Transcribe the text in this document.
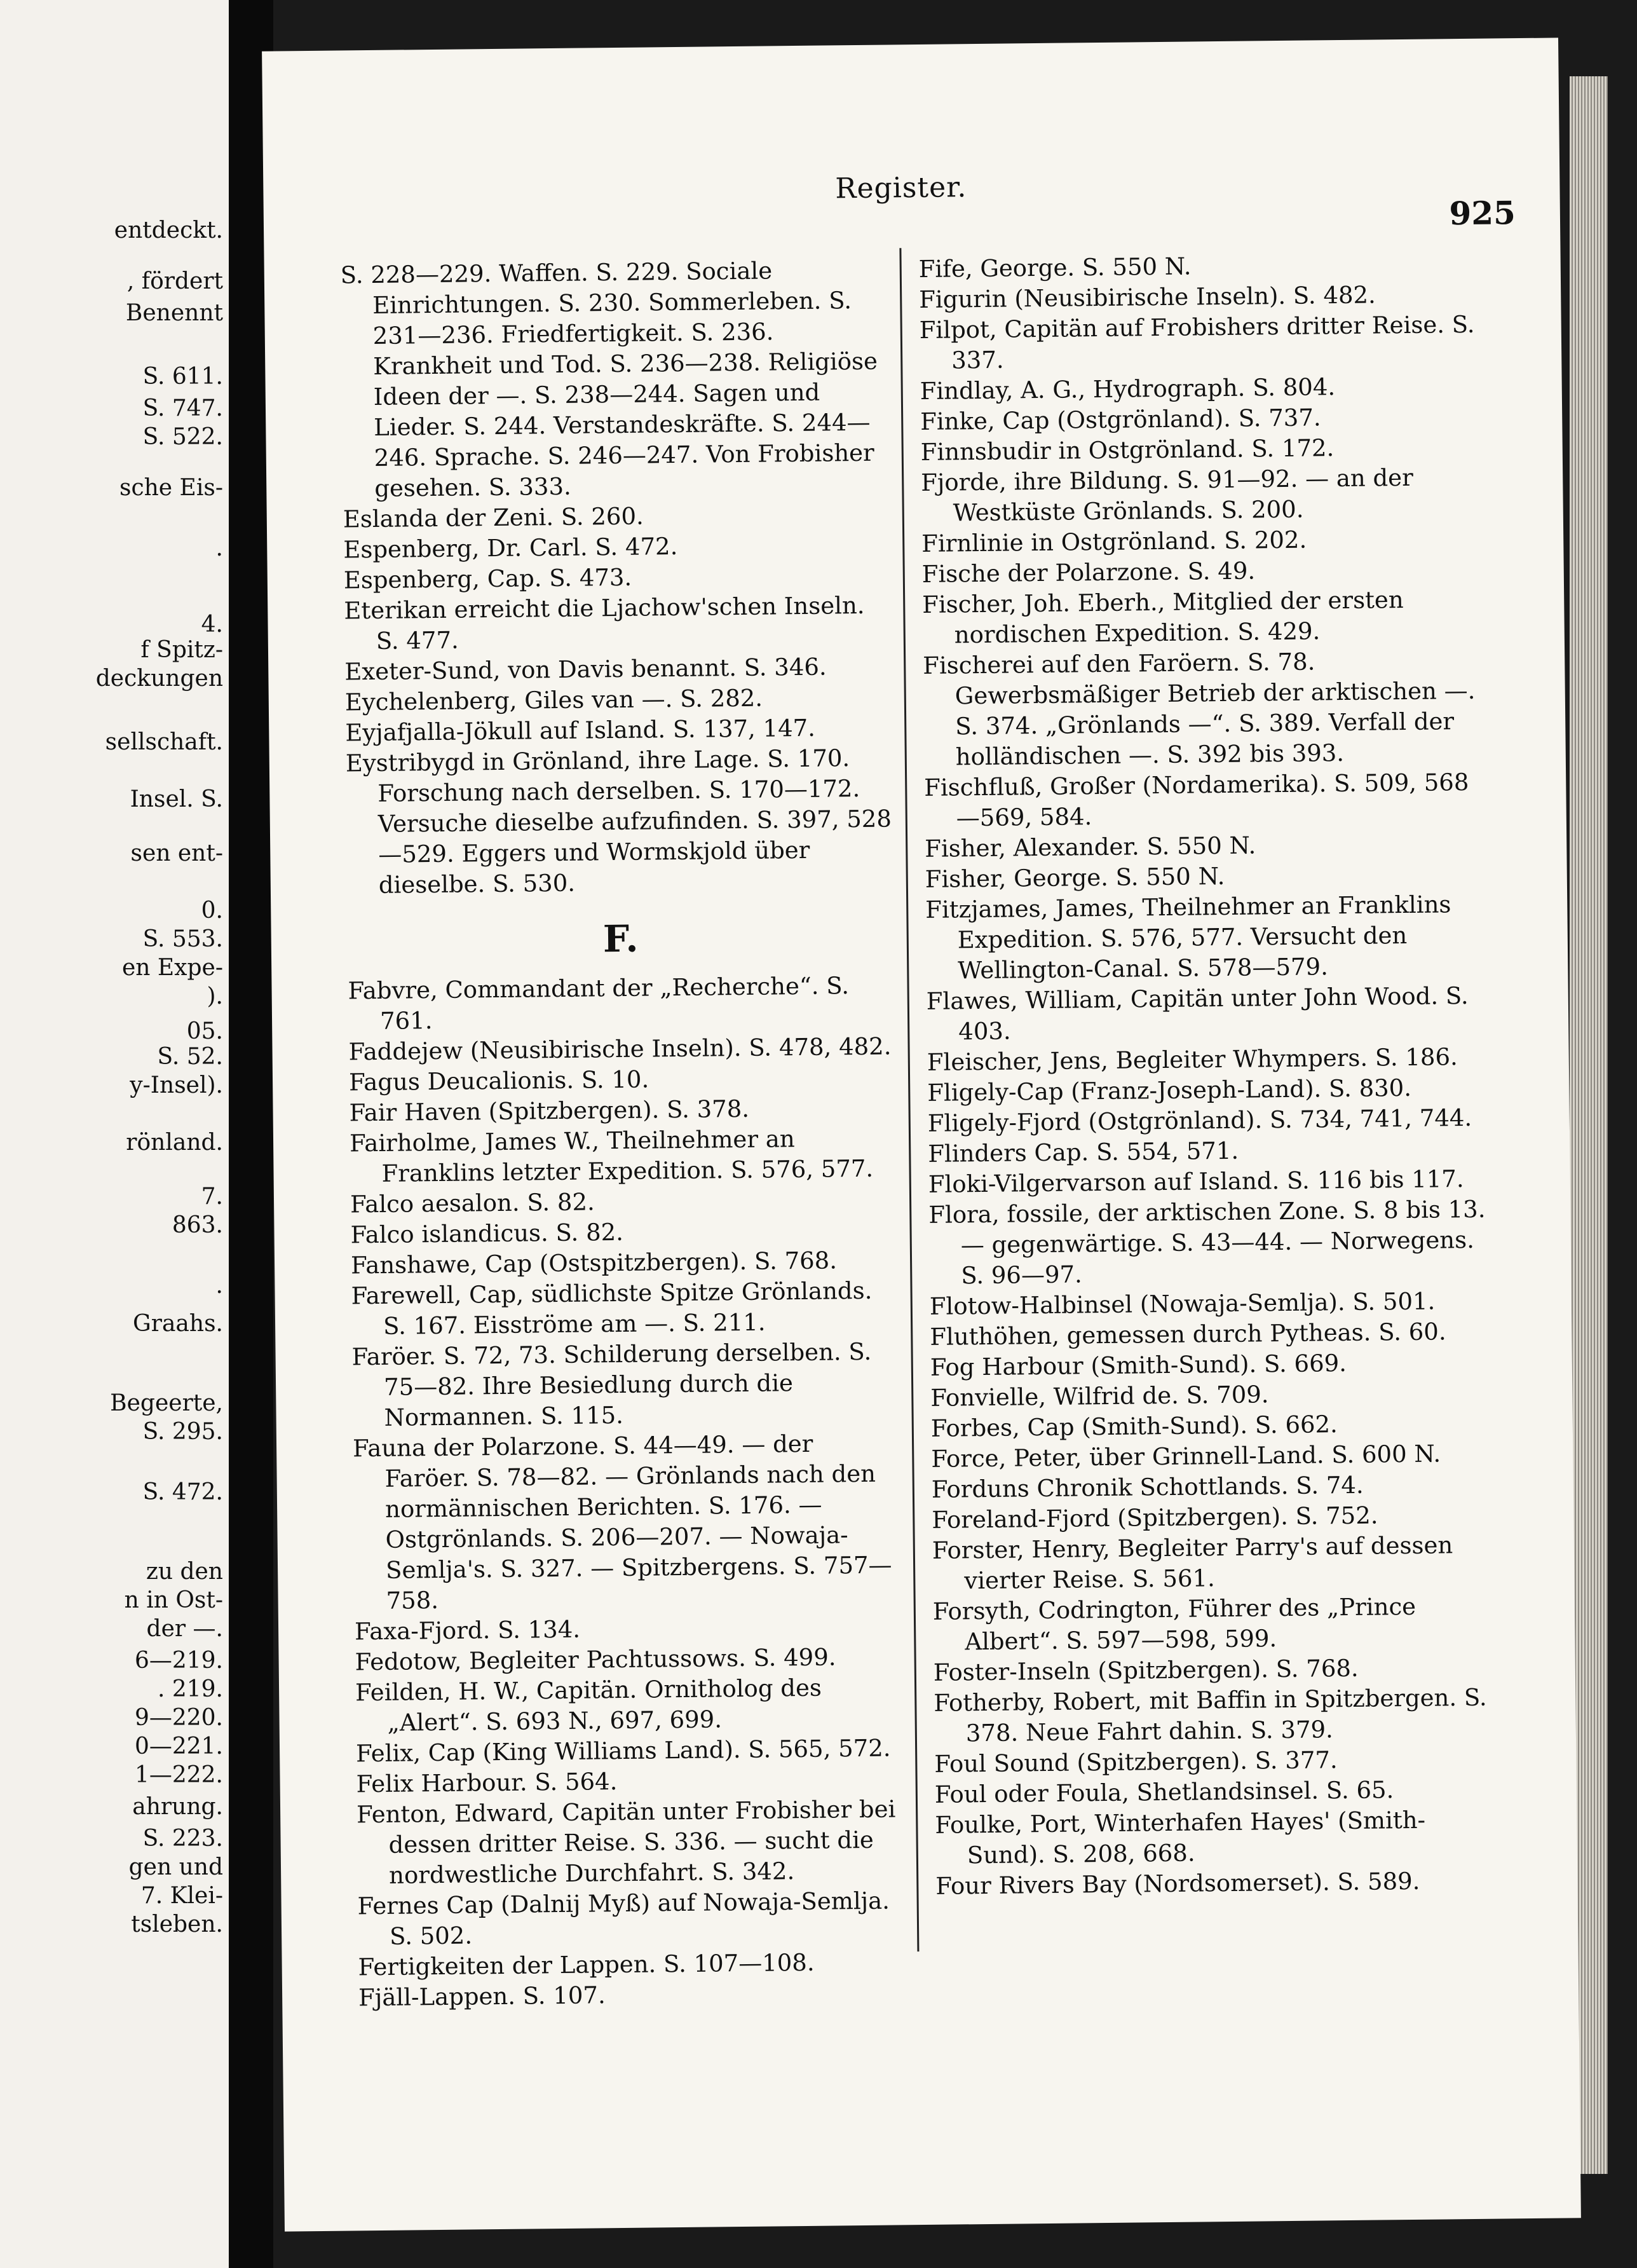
entdeckt.
, fördert
Benennt
S. 611.
S. 747.
S. 522.
sche Eis-
.
4.
f Spitz-
deckungen
sellschaft.
Insel. S.
sen ent-
0.
S. 553.
en Expe-
).
05.
S. 52.
y-Insel).
rönland.
7.
863.
.
Graahs.
Begeerte,
S. 295.
S. 472.
zu den
n in Ost-
der —.
6—219.
. 219.
9—220.
0—221.
1—222.
ahrung.
S. 223.
gen und
7. Klei-
tsleben.
Register.
925

S. 228—229. Waffen. S. 229. Sociale Einrichtungen. S. 230. Sommerleben. S. 231—236. Friedfertigkeit. S. 236. Krankheit und Tod. S. 236—238. Religiöse Ideen der —. S. 238—244. Sagen und Lieder. S. 244. Verstandeskräfte. S. 244—246. Sprache. S. 246—247. Von Frobisher gesehen. S. 333.

Eslanda der Zeni. S. 260.

Espenberg, Dr. Carl. S. 472.

Espenberg, Cap. S. 473.

Eterikan erreicht die Ljachow'schen Inseln. S. 477.

Exeter-Sund, von Davis benannt. S. 346.

Eychelenberg, Giles van —. S. 282.

Eyjafjalla-Jökull auf Island. S. 137, 147.

Eystribygd in Grönland, ihre Lage. S. 170. Forschung nach derselben. S. 170—172. Versuche dieselbe aufzufinden. S. 397, 528—529. Eggers und Wormskjold über dieselbe. S. 530.

F.

Fabvre, Commandant der „Recherche“. S. 761.

Faddejew (Neusibirische Inseln). S. 478, 482.

Fagus Deucalionis. S. 10.

Fair Haven (Spitzbergen). S. 378.

Fairholme, James W., Theilnehmer an Franklins letzter Expedition. S. 576, 577.

Falco aesalon. S. 82.

Falco islandicus. S. 82.

Fanshawe, Cap (Ostspitzbergen). S. 768.

Farewell, Cap, südlichste Spitze Grönlands. S. 167. Eisströme am —. S. 211.

Faröer. S. 72, 73. Schilderung derselben. S. 75—82. Ihre Besiedlung durch die Normannen. S. 115.

Fauna der Polarzone. S. 44—49. — der Faröer. S. 78—82. — Grönlands nach den normännischen Berichten. S. 176. — Ostgrönlands. S. 206—207. — Nowaja-Semlja's. S. 327. — Spitzbergens. S. 757—758.

Faxa-Fjord. S. 134.

Fedotow, Begleiter Pachtussows. S. 499.

Feilden, H. W., Capitän. Ornitholog des „Alert“. S. 693 N., 697, 699.

Felix, Cap (King Williams Land). S. 565, 572.

Felix Harbour. S. 564.

Fenton, Edward, Capitän unter Frobisher bei dessen dritter Reise. S. 336. — sucht die nordwestliche Durchfahrt. S. 342.

Fernes Cap (Dalnij Myß) auf Nowaja-Semlja. S. 502.

Fertigkeiten der Lappen. S. 107—108.

Fjäll-Lappen. S. 107.

Fife, George. S. 550 N.

Figurin (Neusibirische Inseln). S. 482.

Filpot, Capitän auf Frobishers dritter Reise. S. 337.

Findlay, A. G., Hydrograph. S. 804.

Finke, Cap (Ostgrönland). S. 737.

Finnsbudir in Ostgrönland. S. 172.

Fjorde, ihre Bildung. S. 91—92. — an der Westküste Grönlands. S. 200.

Firnlinie in Ostgrönland. S. 202.

Fische der Polarzone. S. 49.

Fischer, Joh. Eberh., Mitglied der ersten nordischen Expedition. S. 429.

Fischerei auf den Faröern. S. 78. Gewerbsmäßiger Betrieb der arktischen —. S. 374. „Grönlands —“. S. 389. Verfall der holländischen —. S. 392 bis 393.

Fischfluß, Großer (Nordamerika). S. 509, 568—569, 584.

Fisher, Alexander. S. 550 N.

Fisher, George. S. 550 N.

Fitzjames, James, Theilnehmer an Franklins Expedition. S. 576, 577. Versucht den Wellington-Canal. S. 578—579.

Flawes, William, Capitän unter John Wood. S. 403.

Fleischer, Jens, Begleiter Whympers. S. 186.

Fligely-Cap (Franz-Joseph-Land). S. 830.

Fligely-Fjord (Ostgrönland). S. 734, 741, 744.

Flinders Cap. S. 554, 571.

Floki-Vilgervarson auf Island. S. 116 bis 117.

Flora, fossile, der arktischen Zone. S. 8 bis 13. — gegenwärtige. S. 43—44. — Norwegens. S. 96—97.

Flotow-Halbinsel (Nowaja-Semlja). S. 501.

Fluthöhen, gemessen durch Pytheas. S. 60.

Fog Harbour (Smith-Sund). S. 669.

Fonvielle, Wilfrid de. S. 709.

Forbes, Cap (Smith-Sund). S. 662.

Force, Peter, über Grinnell-Land. S. 600 N.

Forduns Chronik Schottlands. S. 74.

Foreland-Fjord (Spitzbergen). S. 752.

Forster, Henry, Begleiter Parry's auf dessen vierter Reise. S. 561.

Forsyth, Codrington, Führer des „Prince Albert“. S. 597—598, 599.

Foster-Inseln (Spitzbergen). S. 768.

Fotherby, Robert, mit Baffin in Spitzbergen. S. 378. Neue Fahrt dahin. S. 379.

Foul Sound (Spitzbergen). S. 377.

Foul oder Foula, Shetlandsinsel. S. 65.

Foulke, Port, Winterhafen Hayes' (Smith-Sund). S. 208, 668.

Four Rivers Bay (Nordsomerset). S. 589.
